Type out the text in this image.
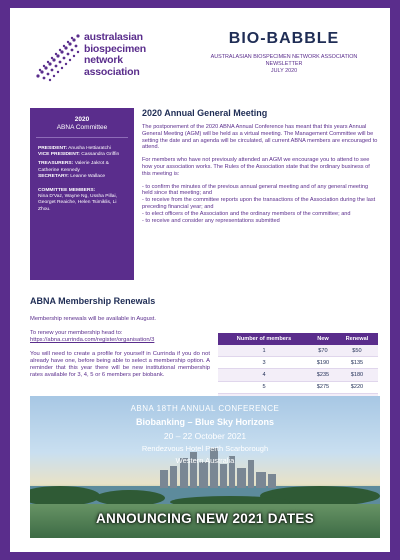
australasian
biospecimen
network
association
BIO-BABBLE
AUSTRALASIAN BIOSPECIMEN NETWORK ASSOCIATION
NEWSLETTER
JULY 2020
2020
ABNA Committee
PRESIDENT: Anusha Hettiaratchi
VICE PRESIDENT: Cassandra Griffin
TREASURERS: Valerie Jakrot & Catherine Kennedy
SECRETARY: Leanne Wallace
COMMITTEE MEMBERS:
Nina D'Vaz, Wayne Ng, Ussha Pillai, Georget Reaiche, Helen Tsimiklis, Li Zhou.
2020 Annual General Meeting

The postponement of the 2020 ABNA Annual Conference has meant that this years Annual General Meeting (AGM) will be held as a virtual meeting. The Management Committee will be setting the date and an agenda will be circulated, all current ABNA members are encouraged to attend.

For members who have not previously attended an AGM we encourage you to attend to see how your association works. The Rules of the Association state that the ordinary business of this meeting is:

- to confirm the minutes of the previous annual general meeting and of any general meeting held since that meeting; and
- to receive from the committee reports upon the transactions of the Association during the last preceding financial year; and
- to elect officers of the Association and the ordinary members of the committee; and
- to receive and consider any representations submitted
ABNA Membership Renewals

Membership renewals will be available in August.

To renew your membership head to:

https://abna.currinda.com/register/organisation/3

You will need to create a profile for yourself in Currinda if you do not already have one, before being able to select a membership option. A reminder that this year there will be new institutional membership rates available for 3, 4, 5 or 6 members per biobank.

Number of members	New	Renewal
1	$70	$50
3	$190	$135
4	$235	$180
5	$275	$220

ABNA 18TH ANNUAL CONFERENCE
Biobanking – Blue Sky Horizons
20 – 22 October 2021
Rendezvous Hotel Perth Scarborough
Western Australia
ANNOUNCING NEW 2021 DATES
